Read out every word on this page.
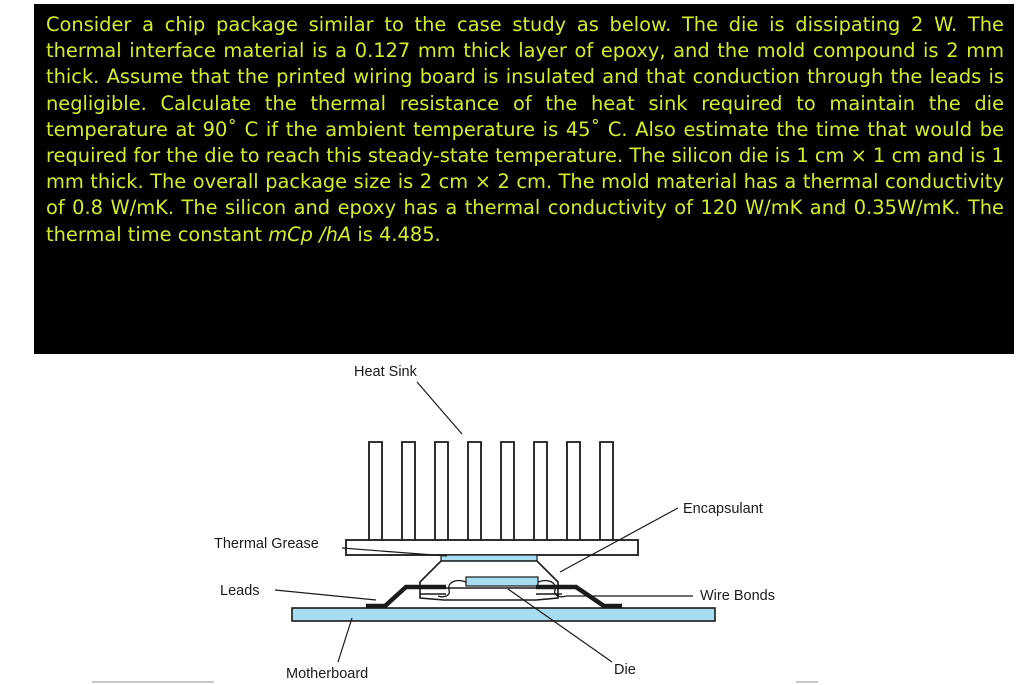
Consider a chip package similar to the case study as below. The die is dissipating 2 W. The thermal interface material is a 0.127 mm thick layer of epoxy, and the mold compound is 2 mm thick. Assume that the printed wiring board is insulated and that conduction through the leads is negligible. Calculate the thermal resistance of the heat sink required to maintain the die temperature at 90˚ C if the ambient temperature is 45˚ C. Also estimate the time that would be required for the die to reach this steady-state temperature. The silicon die is 1 cm × 1 cm and is 1 mm thick. The overall package size is 2 cm × 2 cm. The mold material has a thermal conductivity of 0.8 W/mK. The silicon and epoxy has a thermal conductivity of 120 W/mK and 0.35W/mK. The thermal time constant mCp /hA is 4.485.
Heat Sink
Encapsulant
Thermal Grease
Leads	Wire Bonds
Motherboard	Die
